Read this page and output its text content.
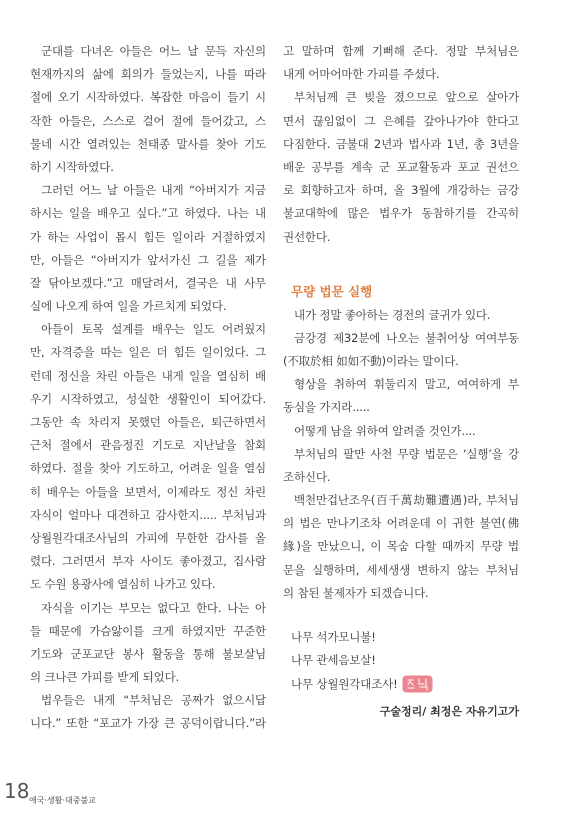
군대를 다녀온 아들은 어느 날 문득 자신의
현재까지의 삶에 회의가 들었는지, 나를 따라
절에 오기 시작하였다. 복잡한 마음이 들기 시
작한 아들은, 스스로 걸어 절에 들어갔고, 스
물네 시간 열려있는 천태종 말사를 찾아 기도
하기 시작하였다.
그러던 어느 날 아들은 내게 “아버지가 지금
하시는 일을 배우고 싶다.”고 하였다. 나는 내
가 하는 사업이 몹시 힘든 일이라 거절하였지
만, 아들은 “아버지가 앞서가신 그 길을 제가
잘 닦아보겠다.”고 매달려서, 결국은 내 사무
실에 나오게 하여 일을 가르치게 되었다.
아들이 토목 설계를 배우는 일도 어려웠지
만, 자격증을 따는 일은 더 힘든 일이었다. 그
런데 정신을 차린 아들은 내게 일을 열심히 배
우기 시작하였고, 성실한 생활인이 되어갔다.
그동안 속 차리지 못했던 아들은, 퇴근하면서
근처 절에서 관음정진 기도로 지난날을 참회
하였다. 절을 찾아 기도하고, 어려운 일을 열심
히 배우는 아들을 보면서, 이제라도 정신 차린
자식이 얼마나 대견하고 감사한지..... 부처님과
상월원각대조사님의 가피에 무한한 감사를 올
렸다. 그러면서 부자 사이도 좋아졌고, 집사람
도 수원 용광사에 열심히 나가고 있다.
자식을 이기는 부모는 없다고 한다. 나는 아
들 때문에 가슴앓이를 크게 하였지만 꾸준한
기도와 군포교단 봉사 활동을 통해 불보살님
의 크나큰 가피를 받게 되었다.
법우들은 내게 “부처님은 공짜가 없으시답
니다.” 또한 “포교가 가장 큰 공덕이랍니다.”라
고 말하며 함께 기뻐해 준다. 정말 부처님은
내게 어마어마한 가피를 주셨다.
부처님께 큰 빚을 졌으므로 앞으로 살아가
면서 끊임없이 그 은혜를 갚아나가야 한다고
다짐한다. 금불대 2년과 법사과 1년, 총 3년을
배운 공부를 계속 군 포교활동과 포교 권선으
로 회향하고자 하며, 올 3월에 개강하는 금강
불교대학에 많은 법우가 동참하기를 간곡히
권선한다.
무량 법문 실행
내가 정말 좋아하는 경전의 글귀가 있다.
금강경 제32분에 나오는 불취어상 여여부동
(不取於相 如如不動)이라는 말이다.
형상을 취하여 휘둘리지 말고, 여여하게 부
동심을 가지라.....
어떻게 남을 위하여 알려줄 것인가....
부처님의 팔만 사천 무량 법문은 ‘실행’을 강
조하신다.
백천만겁난조우(百千萬劫難遭遇)라, 부처님
의 법은 만나기조차 어려운데 이 귀한 불연(佛
緣)을 만났으니, 이 목숨 다할 때까지 무량 법
문을 실행하며, 세세생생 변하지 않는 부처님
의 참된 불제자가 되겠습니다.
나무 석가모니불!
나무 관세음보살!
나무 상월원각대조사!
구술정리/ 최정은 자유기고가
18 애국·생활·대중불교
